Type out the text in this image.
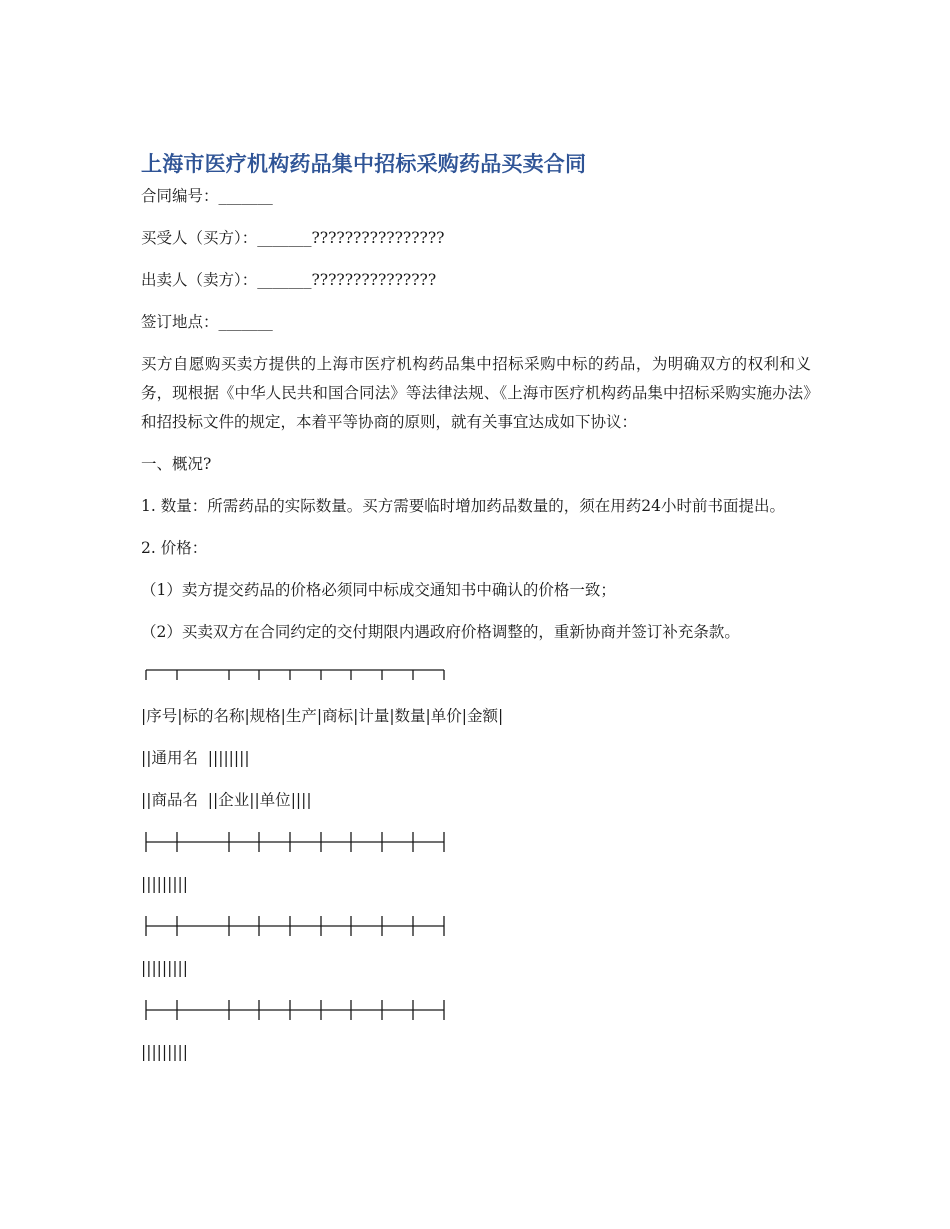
上海市医疗机构药品集中招标采购药品买卖合同
合同编号：_______
买受人（买方）：_______????????????????
出卖人（卖方）：_______???????????????
签订地点：_______
买方自愿购买卖方提供的上海市医疗机构药品集中招标采购中标的药品，为明确双方的权利和义务，现根据《中华人民共和国合同法》等法律法规、《上海市医疗机构药品集中招标采购实施办法》和招投标文件的规定，本着平等协商的原则，就有关事宜达成如下协议：
一、概况?
1. 数量：所需药品的实际数量。买方需要临时增加药品数量的，须在用药24小时前书面提出。
2. 价格：
（1）卖方提交药品的价格必须同中标成交通知书中确认的价格一致；
（2）买卖双方在合同约定的交付期限内遇政府价格调整的，重新协商并签订补充条款。
|序号|标的名称|规格|生产|商标|计量|数量|单价|金额|
||通用名  ||||||||
||商品名  ||企业||单位||||
|||||||||
|||||||||
|||||||||
